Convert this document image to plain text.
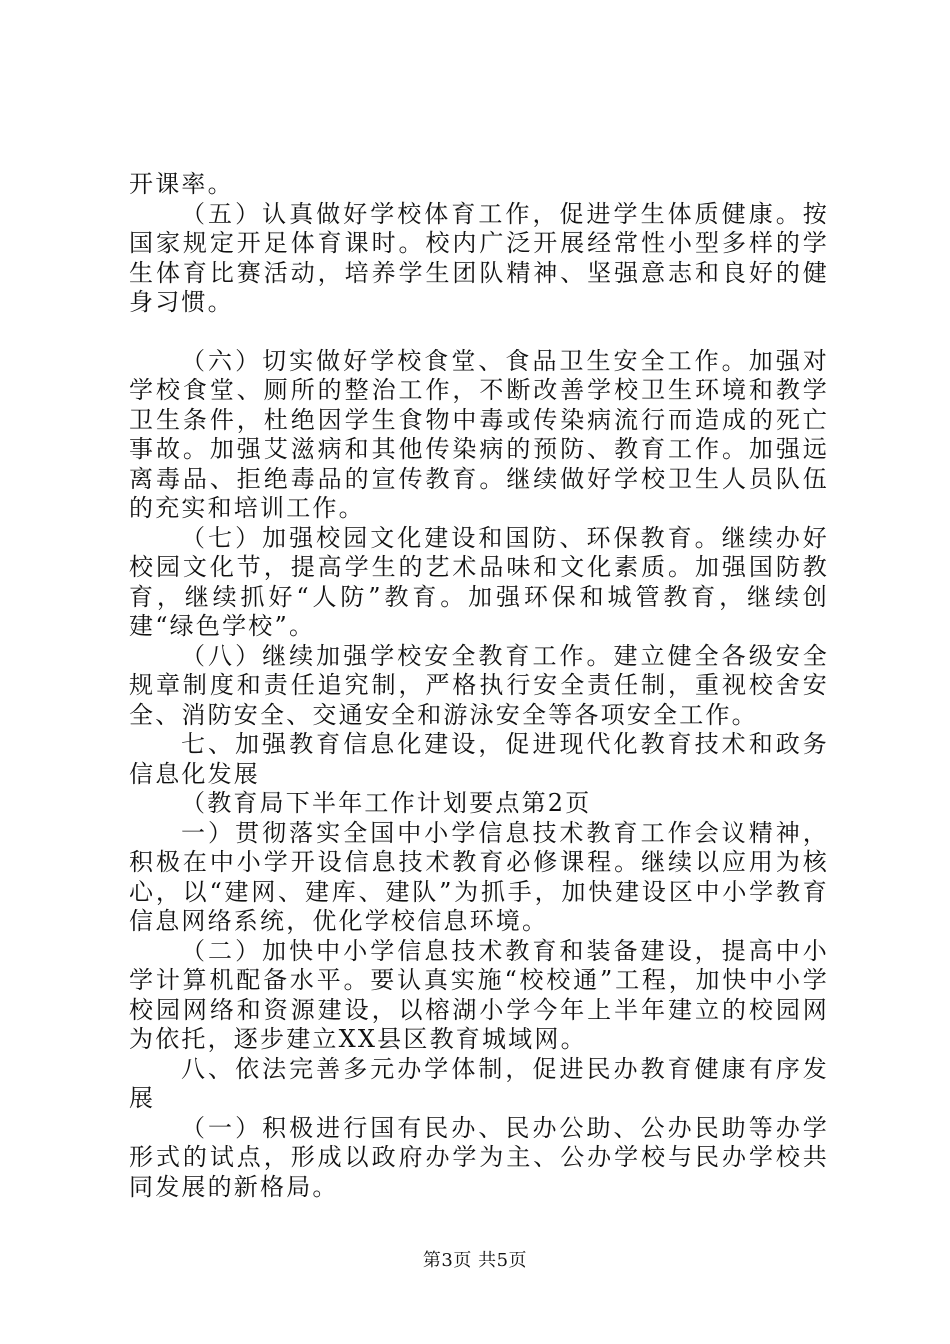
开课率。

（五）认真做好学校体育工作，促进学生体质健康。按国家规定开足体育课时。校内广泛开展经常性小型多样的学生体育比赛活动，培养学生团队精神、坚强意志和良好的健身习惯。

（六）切实做好学校食堂、食品卫生安全工作。加强对学校食堂、厕所的整治工作，不断改善学校卫生环境和教学卫生条件，杜绝因学生食物中毒或传染病流行而造成的死亡事故。加强艾滋病和其他传染病的预防、教育工作。加强远离毒品、拒绝毒品的宣传教育。继续做好学校卫生人员队伍的充实和培训工作。

（七）加强校园文化建设和国防、环保教育。继续办好校园文化节，提高学生的艺术品味和文化素质。加强国防教育，继续抓好“人防”教育。加强环保和城管教育，继续创建“绿色学校”。

（八）继续加强学校安全教育工作。建立健全各级安全规章制度和责任追究制，严格执行安全责任制，重视校舍安全、消防安全、交通安全和游泳安全等各项安全工作。

七、加强教育信息化建设，促进现代化教育技术和政务信息化发展

（教育局下半年工作计划要点第2页

一）贯彻落实全国中小学信息技术教育工作会议精神，积极在中小学开设信息技术教育必修课程。继续以应用为核心，以“建网、建库、建队”为抓手，加快建设区中小学教育信息网络系统，优化学校信息环境。

（二）加快中小学信息技术教育和装备建设，提高中小学计算机配备水平。要认真实施“校校通”工程，加快中小学校园网络和资源建设，以榕湖小学今年上半年建立的校园网为依托，逐步建立XX县区教育城域网。

八、依法完善多元办学体制，促进民办教育健康有序发展

（一）积极进行国有民办、民办公助、公办民助等办学形式的试点，形成以政府办学为主、公办学校与民办学校共同发展的新格局。

第3页 共5页
